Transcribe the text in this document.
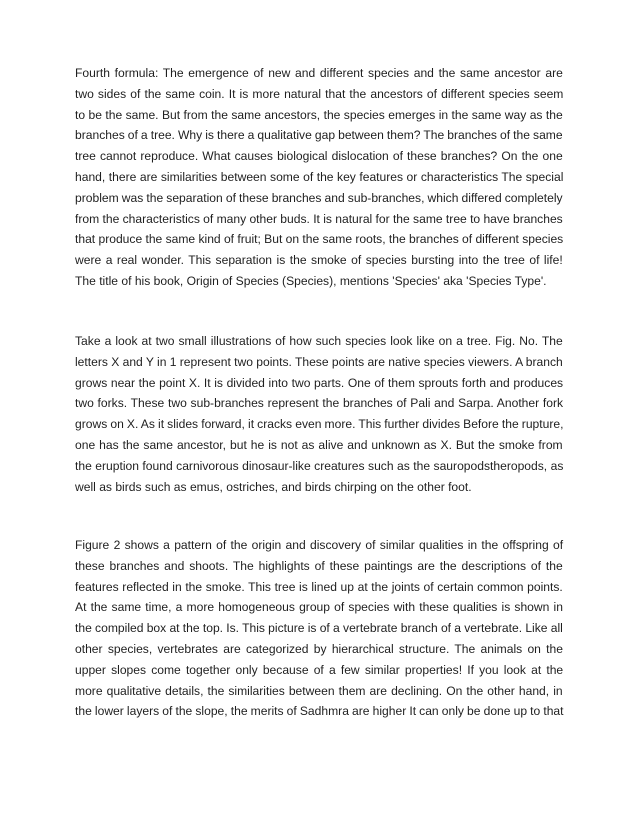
Fourth formula: The emergence of new and different species and the same ancestor are
two sides of the same coin. It is more natural that the ancestors of different species seem
to be the same. But from the same ancestors, the species emerges in the same way as the
branches of a tree. Why is there a qualitative gap between them? The branches of the same
tree cannot reproduce. What causes biological dislocation of these branches? On the one
hand, there are similarities between some of the key features or characteristics The special
problem was the separation of these branches and sub-branches, which differed completely
from the characteristics of many other buds. It is natural for the same tree to have branches
that produce the same kind of fruit; But on the same roots, the branches of different species
were a real wonder. This separation is the smoke of species bursting into the tree of life!
The title of his book, Origin of Species (Species), mentions 'Species' aka 'Species Type'.
Take a look at two small illustrations of how such species look like on a tree. Fig. No. The
letters X and Y in 1 represent two points. These points are native species viewers. A branch
grows near the point X. It is divided into two parts. One of them sprouts forth and produces
two forks. These two sub-branches represent the branches of Pali and Sarpa. Another fork
grows on X. As it slides forward, it cracks even more. This further divides Before the rupture,
one has the same ancestor, but he is not as alive and unknown as X. But the smoke from
the eruption found carnivorous dinosaur-like creatures such as the sauropodstheropods, as
well as birds such as emus, ostriches, and birds chirping on the other foot.
Figure 2 shows a pattern of the origin and discovery of similar qualities in the offspring of
these branches and shoots. The highlights of these paintings are the descriptions of the
features reflected in the smoke. This tree is lined up at the joints of certain common points.
At the same time, a more homogeneous group of species with these qualities is shown in
the compiled box at the top. Is. This picture is of a vertebrate branch of a vertebrate. Like all
other species, vertebrates are categorized by hierarchical structure. The animals on the
upper slopes come together only because of a few similar properties! If you look at the
more qualitative details, the similarities between them are declining. On the other hand, in
the lower layers of the slope, the merits of Sadhmra are higher It can only be done up to that
